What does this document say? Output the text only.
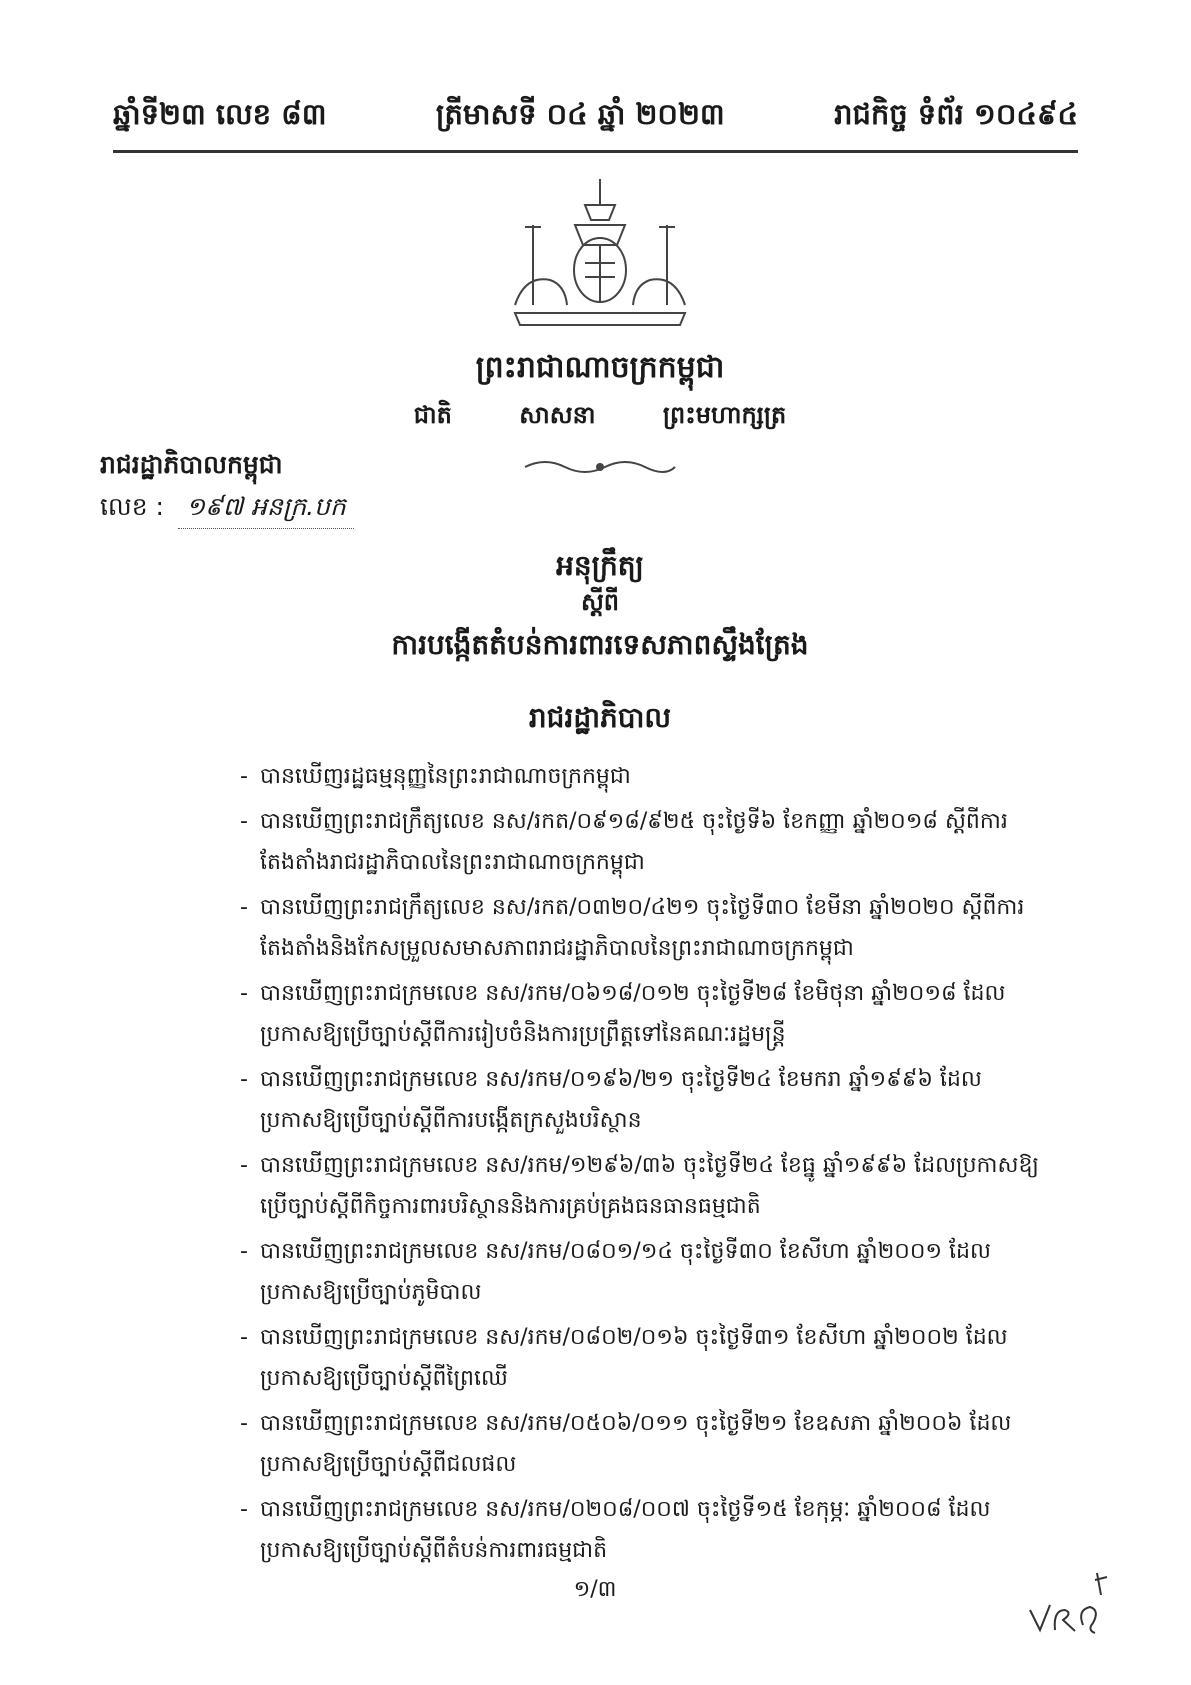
ឆ្នាំទី២៣ លេខ ៨៣	ត្រីមាសទី ០៤ ឆ្នាំ ២០២៣	រាជកិច្ច ទំព័រ ១០៤៩៤
ព្រះរាជាណាចក្រកម្ពុជា
ជាតិ	សាសនា	ព្រះមហាក្សត្រ
រាជរដ្ឋាភិបាលកម្ពុជា
លេខ : ១៩៧ អនក្រ.បក
អនុក្រឹត្យ
ស្តីពី
ការបង្កើតតំបន់ការពារទេសភាពស្ទឹងត្រែង
រាជរដ្ឋាភិបាល
- បានឃើញរដ្ឋធម្មនុញ្ញនៃព្រះរាជាណាចក្រកម្ពុជា
- បានឃើញព្រះរាជក្រឹត្យលេខ នស/រកត/០៩១៨/៩២៥ ចុះថ្ងៃទី៦ ខែកញ្ញា ឆ្នាំ២០១៨ ស្តីពីការតែងតាំងរាជរដ្ឋាភិបាលនៃព្រះរាជាណាចក្រកម្ពុជា
- បានឃើញព្រះរាជក្រឹត្យលេខ នស/រកត/០៣២០/៤២១ ចុះថ្ងៃទី៣០ ខែមីនា ឆ្នាំ២០២០ ស្តីពីការតែងតាំងនិងកែសម្រួលសមាសភាពរាជរដ្ឋាភិបាលនៃព្រះរាជាណាចក្រកម្ពុជា
- បានឃើញព្រះរាជក្រមលេខ នស/រកម/០៦១៨/០១២ ចុះថ្ងៃទី២៨ ខែមិថុនា ឆ្នាំ២០១៨ ដែលប្រកាសឱ្យប្រើច្បាប់ស្តីពីការរៀបចំនិងការប្រព្រឹត្តទៅនៃគណៈរដ្ឋមន្ត្រី
- បានឃើញព្រះរាជក្រមលេខ នស/រកម/០១៩៦/២១ ចុះថ្ងៃទី២៤ ខែមករា ឆ្នាំ១៩៩៦ ដែលប្រកាសឱ្យប្រើច្បាប់ស្តីពីការបង្កើតក្រសួងបរិស្ថាន
- បានឃើញព្រះរាជក្រមលេខ នស/រកម/១២៩៦/៣៦ ចុះថ្ងៃទី២៤ ខែធ្នូ ឆ្នាំ១៩៩៦ ដែលប្រកាសឱ្យប្រើច្បាប់ស្តីពីកិច្ចការពារបរិស្ថាននិងការគ្រប់គ្រងធនធានធម្មជាតិ
- បានឃើញព្រះរាជក្រមលេខ នស/រកម/០៨០១/១៤ ចុះថ្ងៃទី៣០ ខែសីហា ឆ្នាំ២០០១ ដែលប្រកាសឱ្យប្រើច្បាប់ភូមិបាល
- បានឃើញព្រះរាជក្រមលេខ នស/រកម/០៨០២/០១៦ ចុះថ្ងៃទី៣១ ខែសីហា ឆ្នាំ២០០២ ដែលប្រកាសឱ្យប្រើច្បាប់ស្តីពីព្រៃឈើ
- បានឃើញព្រះរាជក្រមលេខ នស/រកម/០៥០៦/០១១ ចុះថ្ងៃទី២១ ខែឧសភា ឆ្នាំ២០០៦ ដែលប្រកាសឱ្យប្រើច្បាប់ស្តីពីជលផល
- បានឃើញព្រះរាជក្រមលេខ នស/រកម/០២០៨/០០៧ ចុះថ្ងៃទី១៥ ខែកុម្ភៈ ឆ្នាំ២០០៨ ដែលប្រកាសឱ្យប្រើច្បាប់ស្តីពីតំបន់ការពារធម្មជាតិ
១/៣
